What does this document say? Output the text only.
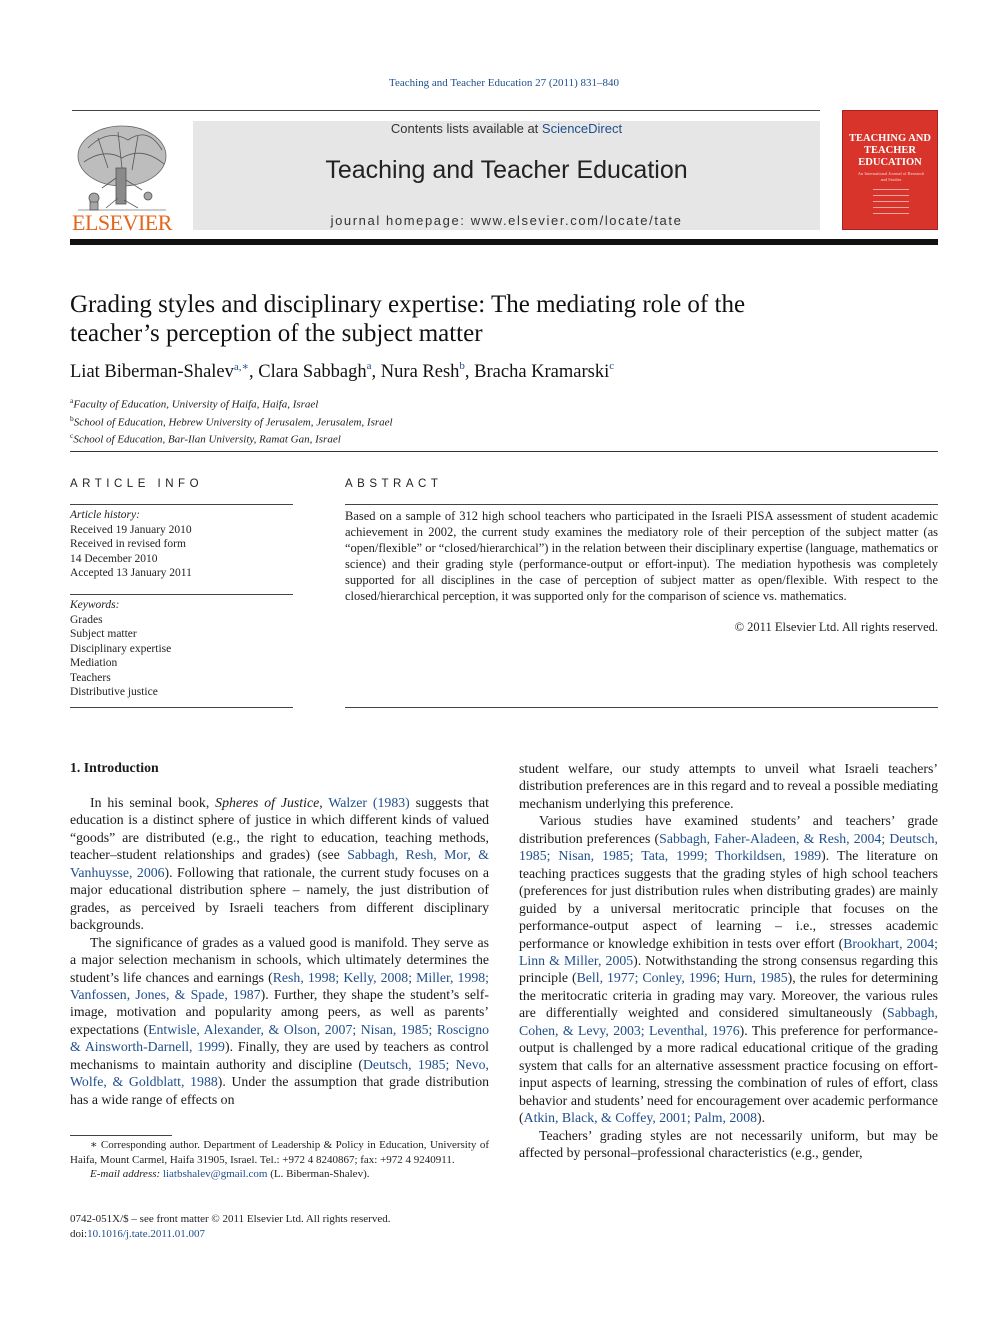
Teaching and Teacher Education 27 (2011) 831–840
ELSEVIER
Contents lists available at ScienceDirect
Teaching and Teacher Education
journal homepage: www.elsevier.com/locate/tate
TEACHING AND TEACHER EDUCATION
An International Journal of Research and Studies
Grading styles and disciplinary expertise: The mediating role of the teacher’s perception of the subject matter
Liat Biberman-Shalev$^{a,∗}$, Clara Sabbagh$^a$, Nura Resh$^b$, Bracha Kramarski$^c$
$^a$Faculty of Education, University of Haifa, Haifa, Israel
$^b$School of Education, Hebrew University of Jerusalem, Jerusalem, Israel
$^c$School of Education, Bar-Ilan University, Ramat Gan, Israel
ARTICLE INFO
Article history:
Received 19 January 2010
Received in revised form
14 December 2010
Accepted 13 January 2011
Keywords:
Grades
Subject matter
Disciplinary expertise
Mediation
Teachers
Distributive justice
ABSTRACT
Based on a sample of 312 high school teachers who participated in the Israeli PISA assessment of student academic achievement in 2002, the current study examines the mediatory role of their perception of the subject matter (as “open/flexible” or “closed/hierarchical”) in the relation between their disciplinary expertise (language, mathematics or science) and their grading style (performance-output or effort-input). The mediation hypothesis was completely supported for all disciplines in the case of perception of subject matter as open/flexible. With respect to the closed/hierarchical perception, it was supported only for the comparison of science vs. mathematics.
© 2011 Elsevier Ltd. All rights reserved.
1. Introduction

In his seminal book, Spheres of Justice, Walzer (1983) suggests that education is a distinct sphere of justice in which different kinds of valued “goods” are distributed (e.g., the right to education, teaching methods, teacher–student relationships and grades) (see Sabbagh, Resh, Mor, & Vanhuysse, 2006). Following that rationale, the current study focuses on a major educational distribution sphere – namely, the just distribution of grades, as perceived by Israeli teachers from different disciplinary backgrounds.

The significance of grades as a valued good is manifold. They serve as a major selection mechanism in schools, which ultimately determines the student’s life chances and earnings (Resh, 1998; Kelly, 2008; Miller, 1998; Vanfossen, Jones, & Spade, 1987). Further, they shape the student’s self-image, motivation and popularity among peers, as well as parents’ expectations (Entwisle, Alexander, & Olson, 2007; Nisan, 1985; Roscigno & Ainsworth-Darnell, 1999). Finally, they are used by teachers as control mechanisms to maintain authority and discipline (Deutsch, 1985; Nevo, Wolfe, & Goldblatt, 1988). Under the assumption that grade distribution has a wide range of effects on

student welfare, our study attempts to unveil what Israeli teachers’ distribution preferences are in this regard and to reveal a possible mediating mechanism underlying this preference.

Various studies have examined students’ and teachers’ grade distribution preferences (Sabbagh, Faher-Aladeen, & Resh, 2004; Deutsch, 1985; Nisan, 1985; Tata, 1999; Thorkildsen, 1989). The literature on teaching practices suggests that the grading styles of high school teachers (preferences for just distribution rules when distributing grades) are mainly guided by a universal meritocratic principle that focuses on the performance-output aspect of learning – i.e., stresses academic performance or knowledge exhibition in tests over effort (Brookhart, 2004; Linn & Miller, 2005). Notwithstanding the strong consensus regarding this principle (Bell, 1977; Conley, 1996; Hurn, 1985), the rules for determining the meritocratic criteria in grading may vary. Moreover, the various rules are differentially weighted and considered simultaneously (Sabbagh, Cohen, & Levy, 2003; Leventhal, 1976). This preference for performance-output is challenged by a more radical educational critique of the grading system that calls for an alternative assessment practice focusing on effort-input aspects of learning, stressing the combination of rules of effort, class behavior and students’ need for encouragement over academic performance (Atkin, Black, & Coffey, 2001; Palm, 2008).

Teachers’ grading styles are not necessarily uniform, but may be affected by personal–professional characteristics (e.g., gender,

∗ Corresponding author. Department of Leadership & Policy in Education, University of Haifa, Mount Carmel, Haifa 31905, Israel. Tel.: +972 4 8240867; fax: +972 4 9240911.
E-mail address: liatbshalev@gmail.com (L. Biberman-Shalev).
0742-051X/$ – see front matter © 2011 Elsevier Ltd. All rights reserved.
doi:10.1016/j.tate.2011.01.007
